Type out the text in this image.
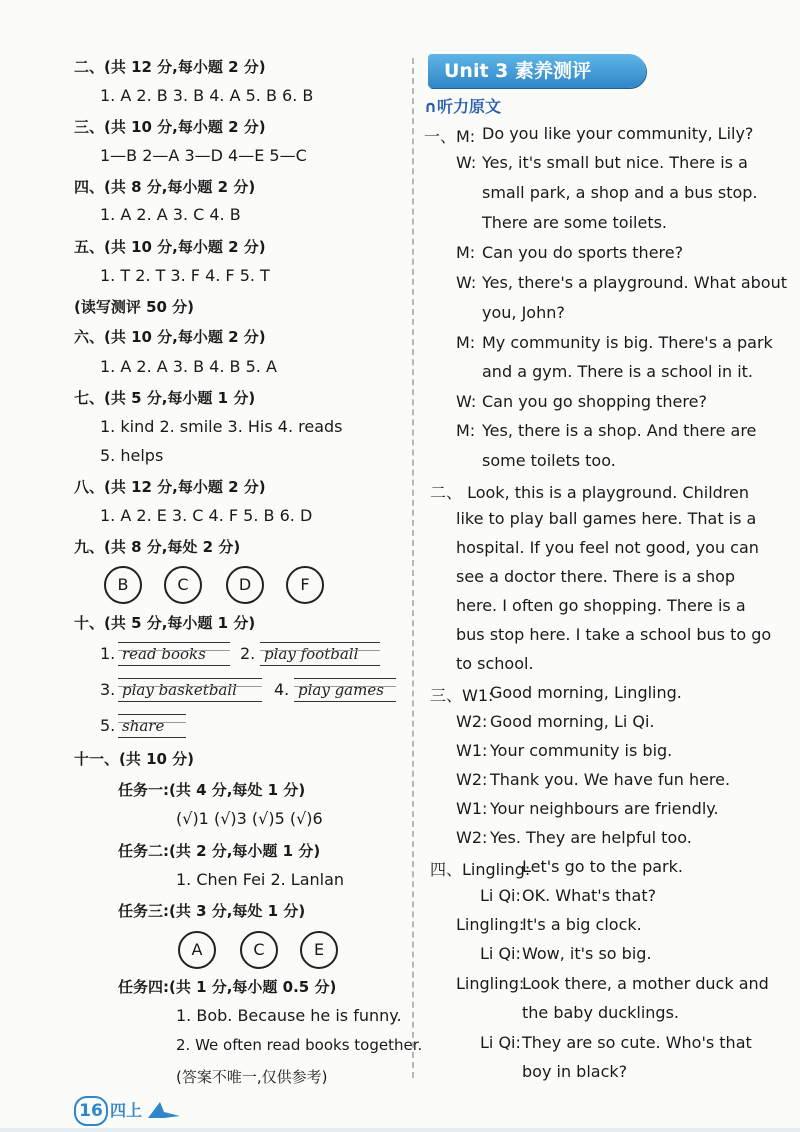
二、(共 12 分,每小题 2 分)
1. A 2. B 3. B 4. A 5. B 6. B
三、(共 10 分,每小题 2 分)
1—B 2—A 3—D 4—E 5—C
四、(共 8 分,每小题 2 分)
1. A 2. A 3. C 4. B
五、(共 10 分,每小题 2 分)
1. T 2. T 3. F 4. F 5. T
(读写测评 50 分)
六、(共 10 分,每小题 2 分)
1. A 2. A 3. B 4. B 5. A
七、(共 5 分,每小题 1 分)
1. kind 2. smile 3. His 4. reads
5. helps
八、(共 12 分,每小题 2 分)
1. A 2. E 3. C 4. F 5. B 6. D
九、(共 8 分,每处 2 分)
B	C	D	F
十、(共 5 分,每小题 1 分)
1. read books	2. play football
3. play basketball	4. play games
5. share
十一、(共 10 分)
任务一:(共 4 分,每处 1 分)
(√)1 (√)3 (√)5 (√)6
任务二:(共 2 分,每小题 1 分)
1. Chen Fei 2. Lanlan
任务三:(共 3 分,每处 1 分)
A	C	E
任务四:(共 1 分,每小题 0.5 分)
1. Bob. Because he is funny.
2. We often read books together.
(答案不唯一,仅供参考)
16 四上
Unit 3 素养测评
∩听力原文
一、M: Do you like your community, Lily?
W: Yes, it's small but nice. There is a
small park, a shop and a bus stop.
There are some toilets.
M: Can you do sports there?
W: Yes, there's a playground. What about
you, John?
M: My community is big. There's a park
and a gym. There is a school in it.
W: Can you go shopping there?
M: Yes, there is a shop. And there are
some toilets too.
二、 Look, this is a playground. Children
like to play ball games here. That is a
hospital. If you feel not good, you can
see a doctor there. There is a shop
here. I often go shopping. There is a
bus stop here. I take a school bus to go
to school.
三、W1:
Good morning, Lingling.
W2: Good morning, Li Qi.
W1: Your community is big.
W2: Thank you. We have fun here.
W1: Your neighbours are friendly.
W2: Yes. They are helpful too.
四、Lingling:
Let's go to the park.
Li Qi: OK. What's that?
Lingling:
It's a big clock.
Li Qi: Wow, it's so big.
Lingling:
Look there, a mother duck and
the baby ducklings.
Li Qi: They are so cute. Who's that
boy in black?
